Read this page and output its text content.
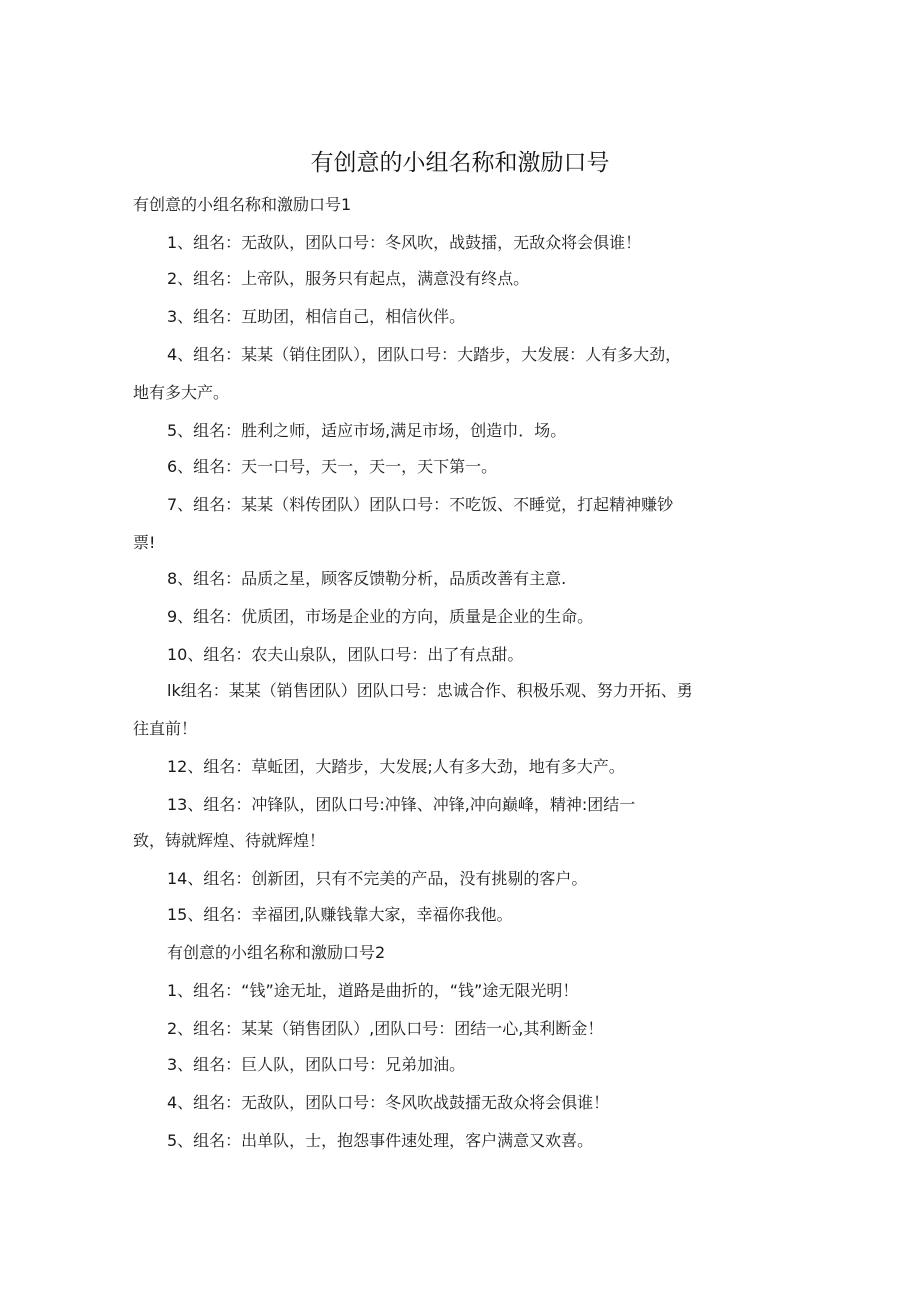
有创意的小组名称和激励口号
有创意的小组名称和激励口号1
1、组名：无敌队，团队口号：冬风吹，战鼓擂，无敌众将会俱谁！
2、组名：上帝队，服务只有起点，满意没有终点。
3、组名：互助团，相信自己，相信伙伴。
4、组名：某某（销住团队），团队口号：大踏步，大发展：人有多大劲，
地有多大产。
5、组名：胜利之师，适应市场,满足市场，创造巾．场。
6、组名：天一口号，天一，天一，天下第一。
7、组名：某某（料传团队）团队口号：不吃饭、不睡觉，打起精神赚钞
票!
8、组名：品质之星，顾客反馈勒分析，品质改善有主意.
9、组名：优质团，市场是企业的方向，质量是企业的生命。
10、组名：农夫山泉队，团队口号：出了有点甜。
lk组名：某某（销售团队）团队口号：忠诚合作、积极乐观、努力开拓、勇
往直前！
12、组名：草蚯团，大踏步，大发展;人有多大劲，地有多大产。
13、组名：冲锋队，团队口号:冲锋、冲锋,冲向巅峰，精神:团结一
致，铸就辉煌、待就辉煌！
14、组名：创新团，只有不完美的产品，没有挑剔的客户。
15、组名：幸福团,队赚钱靠大家，幸福你我他。
有创意的小组名称和激励口号2
1、组名：“钱”途无址，道路是曲折的，“钱”途无限光明！
2、组名：某某（销售团队）,团队口号：团结一心,其利断金！
3、组名：巨人队，团队口号：兄弟加油。
4、组名：无敌队，团队口号：冬风吹战鼓擂无敌众将会俱谁！
5、组名：出单队，士，抱怨事件速处理，客户满意又欢喜。
